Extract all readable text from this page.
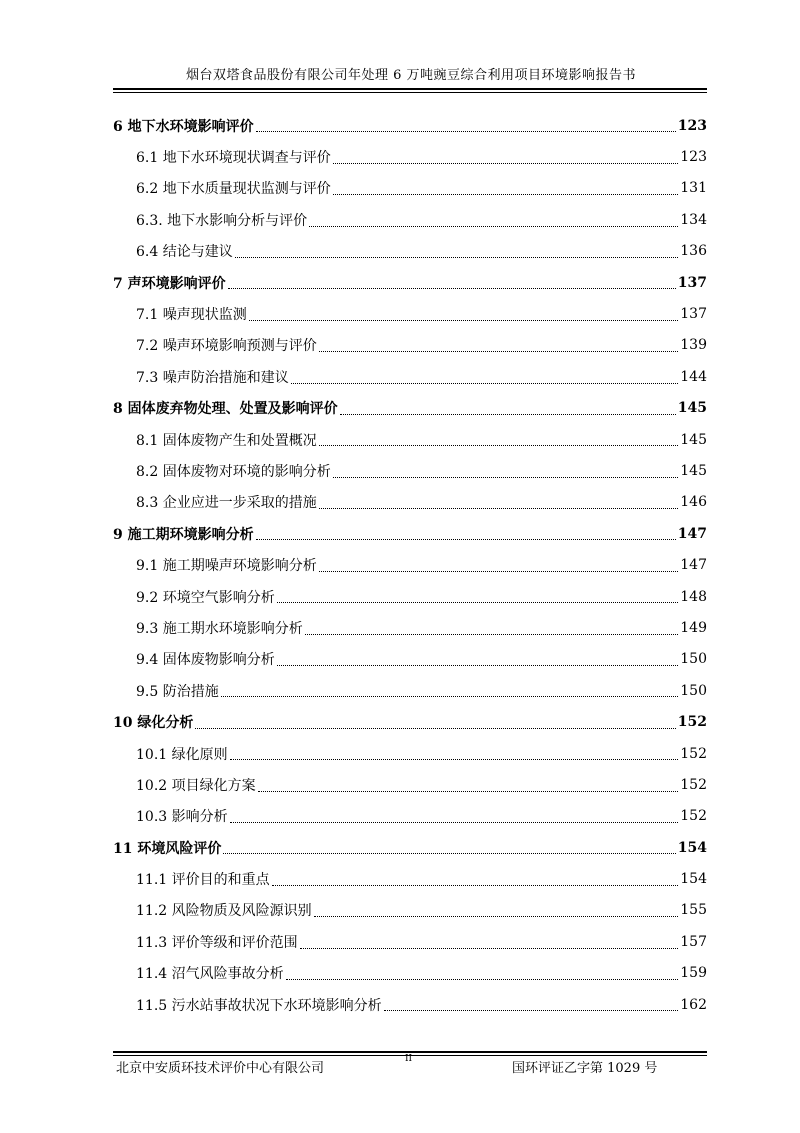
烟台双塔食品股份有限公司年处理 6 万吨豌豆综合利用项目环境影响报告书
6 地下水环境影响评价	123
6.1 地下水环境现状调查与评价	123
6.2 地下水质量现状监测与评价	131
6.3. 地下水影响分析与评价	134
6.4 结论与建议	136
7 声环境影响评价	137
7.1 噪声现状监测	137
7.2 噪声环境影响预测与评价	139
7.3 噪声防治措施和建议	144
8 固体废弃物处理、处置及影响评价	145
8.1 固体废物产生和处置概况	145
8.2 固体废物对环境的影响分析	145
8.3 企业应进一步采取的措施	146
9 施工期环境影响分析	147
9.1 施工期噪声环境影响分析	147
9.2 环境空气影响分析	148
9.3 施工期水环境影响分析	149
9.4 固体废物影响分析	150
9.5 防治措施	150
10 绿化分析	152
10.1 绿化原则	152
10.2 项目绿化方案	152
10.3 影响分析	152
11 环境风险评价	154
11.1 评价目的和重点	154
11.2 风险物质及风险源识别	155
11.3 评价等级和评价范围	157
11.4 沼气风险事故分析	159
11.5 污水站事故状况下水环境影响分析	162
北京中安质环技术评价中心有限公司
II
国环评证乙字第 1029 号
